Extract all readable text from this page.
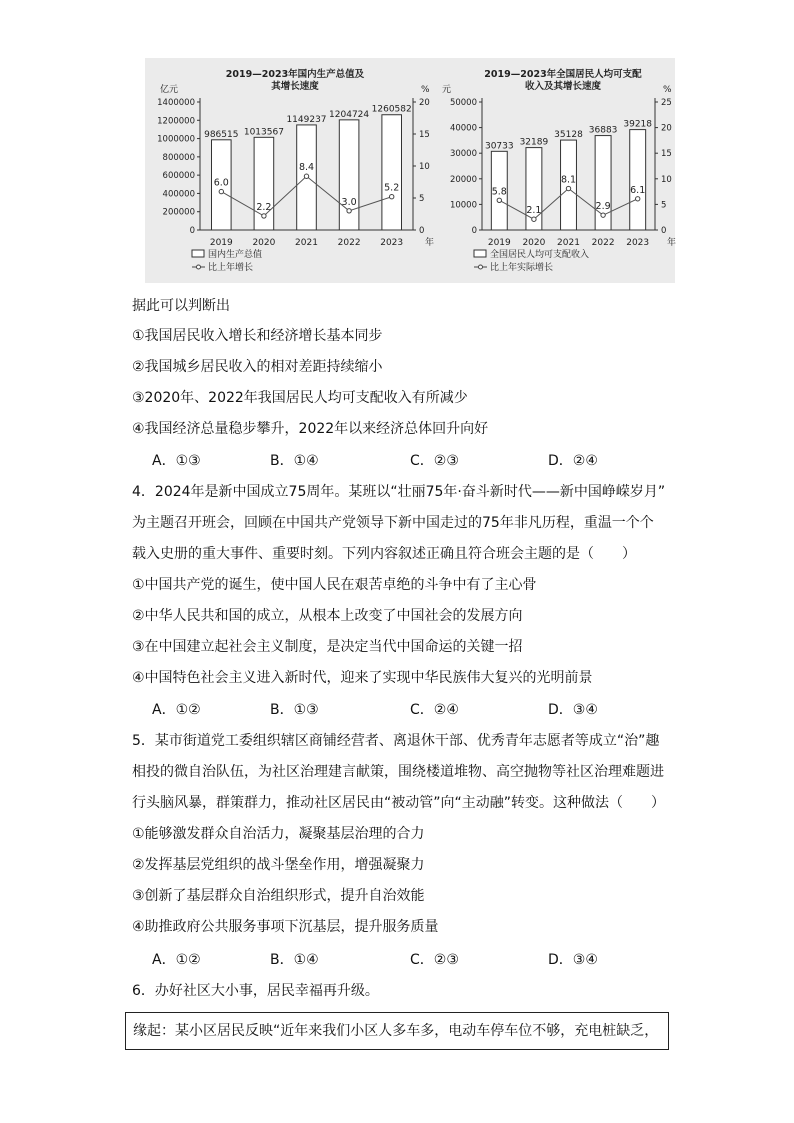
2019—2023年国内生产总值及
其增长速度
亿元	%
年
0
200000
400000
600000
800000
1000000
1200000
1400000
0
5
10
15
20
986515 1013567
1149237
1204724
1260582
2019 2020 2021 2022 2023
6.0
2.2
8.4
3.0
5.2
国内生产总值
比上年增长
2019—2023年全国居民人均可支配
收入及其增长速度
元	%
年
0
10000
20000
30000
40000
50000
0
5
10
15
20
25
30733 32189
35128 36883
39218
2019 2020 2021 2022 2023
5.8
2.1
8.1
2.9
6.1
全国居民人均可支配收入
比上年实际增长
据此可以判断出
①我国居民收入增长和经济增长基本同步
②我国城乡居民收入的相对差距持续缩小
③2020年、2022年我国居民人均可支配收入有所减少
④我国经济总量稳步攀升，2022年以来经济总体回升向好
A．①③	B．①④	C．②③	D．②④
4．2024年是新中国成立75周年。某班以“壮丽75年·奋斗新时代——新中国峥嵘岁月”
为主题召开班会，回顾在中国共产党领导下新中国走过的75年非凡历程，重温一个个
载入史册的重大事件、重要时刻。下列内容叙述正确且符合班会主题的是（　　）
①中国共产党的诞生，使中国人民在艰苦卓绝的斗争中有了主心骨
②中华人民共和国的成立，从根本上改变了中国社会的发展方向
③在中国建立起社会主义制度，是决定当代中国命运的关键一招
④中国特色社会主义进入新时代，迎来了实现中华民族伟大复兴的光明前景
A．①②	B．①③	C．②④	D．③④
5．某市街道党工委组织辖区商铺经营者、离退休干部、优秀青年志愿者等成立“治”趣
相投的微自治队伍，为社区治理建言献策，围绕楼道堆物、高空抛物等社区治理难题进
行头脑风暴，群策群力，推动社区居民由“被动管”向“主动融”转变。这种做法（　　）
①能够激发群众自治活力，凝聚基层治理的合力
②发挥基层党组织的战斗堡垒作用，增强凝聚力
③创新了基层群众自治组织形式，提升自治效能
④助推政府公共服务事项下沉基层，提升服务质量
A．①②	B．①④	C．②③	D．③④
6．办好社区大小事，居民幸福再升级。
缘起：某小区居民反映“近年来我们小区人多车多，电动车停车位不够，充电桩缺乏，
